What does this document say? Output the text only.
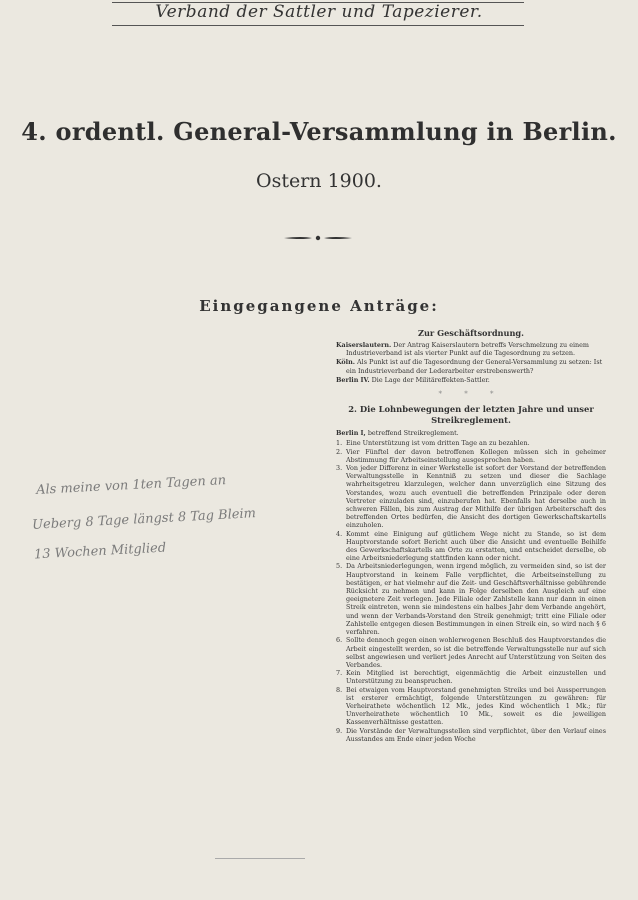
Verband der Sattler und Tapezierer.
4. ordentl. General-Versammlung in Berlin.
Ostern 1900.
Eingegangene Anträge:
Zur Geschäftsordnung.

Kaiserslautern. Der Antrag Kaiserslautern betreffs Verschmelzung zu einem Industrieverband ist als vierter Punkt auf die Tagesordnung zu setzen.

Köln. Als Punkt ist auf die Tagesordnung der General-Versammlung zu setzen: Ist ein Industrieverband der Lederarbeiter erstrebenswerth?

Berlin IV. Die Lage der Militäreffekten-Sattler.

* * *
2. Die Lohnbewegungen der letzten Jahre und unser Streikreglement.

Berlin I, betreffend Streikreglement.

1. Eine Unterstützung ist vom dritten Tage an zu bezahlen.
2. Vier Fünftel der davon betroffenen Kollegen müssen sich in geheimer Abstimmung für Arbeitseinstellung ausgesprochen haben.
3. Von jeder Differenz in einer Werkstelle ist sofort der Vorstand der betreffenden Verwaltungsstelle in Kenntniß zu setzen und dieser die Sachlage wahrheitsgetreu klarzulegen, welcher dann unverzüglich eine Sitzung des Vorstandes, wozu auch eventuell die betreffenden Prinzipale oder deren Vertreter einzuladen sind, einzuberufen hat. Ebenfalls hat derselbe auch in schweren Fällen, bis zum Austrag der Mithilfe der übrigen Arbeiterschaft des betreffenden Ortes bedürfen, die Ansicht des dortigen Gewerkschaftskartells einzuholen.
4. Kommt eine Einigung auf gütlichem Wege nicht zu Stande, so ist dem Hauptvorstande sofort Bericht auch über die Ansicht und eventuelle Beihilfe des Gewerkschaftskartells am Orte zu erstatten, und entscheidet derselbe, ob eine Arbeitsniederlegung stattfinden kann oder nicht.
5. Da Arbeitsniederlegungen, wenn irgend möglich, zu vermeiden sind, so ist der Hauptvorstand in keinem Falle verpflichtet, die Arbeitseinstellung zu bestätigen, er hat vielmehr auf die Zeit- und Geschäftsverhältnisse gebührende Rücksicht zu nehmen und kann in Folge derselben den Ausgleich auf eine geeignetere Zeit verlegen. Jede Filiale oder Zahlstelle kann nur dann in einen Streik eintreten, wenn sie mindestens ein halbes Jahr dem Verbande angehört, und wenn der Verbands-Vorstand den Streik genehmigt; tritt eine Filiale oder Zahlstelle entgegen diesen Bestimmungen in einen Streik ein, so wird nach § 6 verfahren.
6. Sollte dennoch gegen einen wohlerwogenen Beschluß des Hauptvorstandes die Arbeit eingestellt werden, so ist die betreffende Verwaltungsstelle nur auf sich selbst angewiesen und verliert jedes Anrecht auf Unterstützung von Seiten des Verbandes.
7. Kein Mitglied ist berechtigt, eigenmächtig die Arbeit einzustellen und Unterstützung zu beanspruchen.
8. Bei etwaigen vom Hauptvorstand genehmigten Streiks und bei Aussperrungen ist ersterer ermächtigt, folgende Unterstützungen zu gewähren: für Verheirathete wöchentlich 12 Mk., jedes Kind wöchentlich 1 Mk.; für Unverheirathete wöchentlich 10 Mk., soweit es die jeweiligen Kassenverhältnisse gestatten.
9. Die Vorstände der Verwaltungsstellen sind verpflichtet, über den Verlauf eines Ausstandes am Ende einer jeden Woche
Als meine von 1ten Tagen an
Ueberg 8 Tage längst 8 Tag Bleim
13 Wochen Mitglied
